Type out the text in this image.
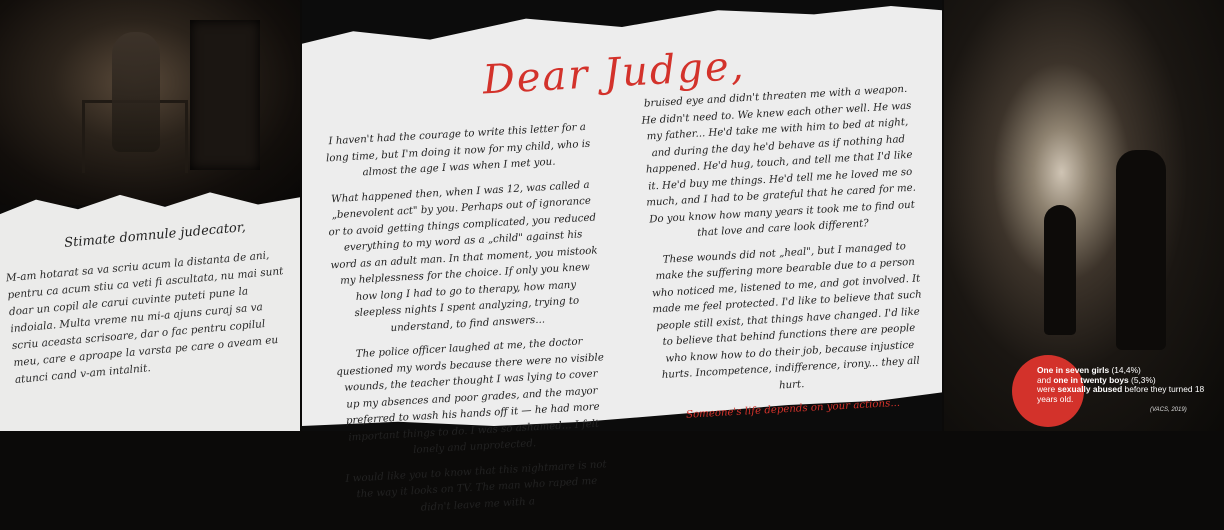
Stimate domnule judecator,

M-am hotarat sa va scriu acum la distanta de ani, pentru ca acum stiu ca veti fi ascultata, nu mai sunt doar un copil ale carui cuvinte puteti pune la indoiala. Multa vreme nu mi-a ajuns curaj sa va scriu aceasta scrisoare, dar o fac pentru copilul meu, care e aproape la varsta pe care o aveam eu atunci cand v-am intalnit.

Dear Judge,

I haven't had the courage to write this letter for a long time, but I'm doing it now for my child, who is almost the age I was when I met you.

What happened then, when I was 12, was called a „benevolent act" by you. Perhaps out of ignorance or to avoid getting things complicated, you reduced everything to my word as a „child" against his word as an adult man. In that moment, you mistook my helplessness for the choice. If only you knew how long I had to go to therapy, how many sleepless nights I spent analyzing, trying to understand, to find answers...

The police officer laughed at me, the doctor questioned my words because there were no visible wounds, the teacher thought I was lying to cover up my absences and poor grades, and the mayor preferred to wash his hands off it — he had more important things to do. I was so ashamed... I felt lonely and unprotected.

I would like you to know that this nightmare is not the way it looks on TV. The man who raped me didn't leave me with a

bruised eye and didn't threaten me with a weapon. He didn't need to. We knew each other well. He was my father... He'd take me with him to bed at night, and during the day he'd behave as if nothing had happened. He'd hug, touch, and tell me that I'd like it. He'd buy me things. He'd tell me he loved me so much, and I had to be grateful that he cared for me. Do you know how many years it took me to find out that love and care look different?

These wounds did not „heal", but I managed to make the suffering more bearable due to a person who noticed me, listened to me, and got involved. It made me feel protected. I'd like to believe that such people still exist, that things have changed. I'd like to believe that behind functions there are people who know how to do their job, because injustice hurts. Incompetence, indifference, irony... they all hurt.

Someone's life depends on your actions...

One in seven girls (14,4%)
and one in twenty boys (5,3%)
were sexually abused before they turned 18 years old.
(VACS, 2019)
